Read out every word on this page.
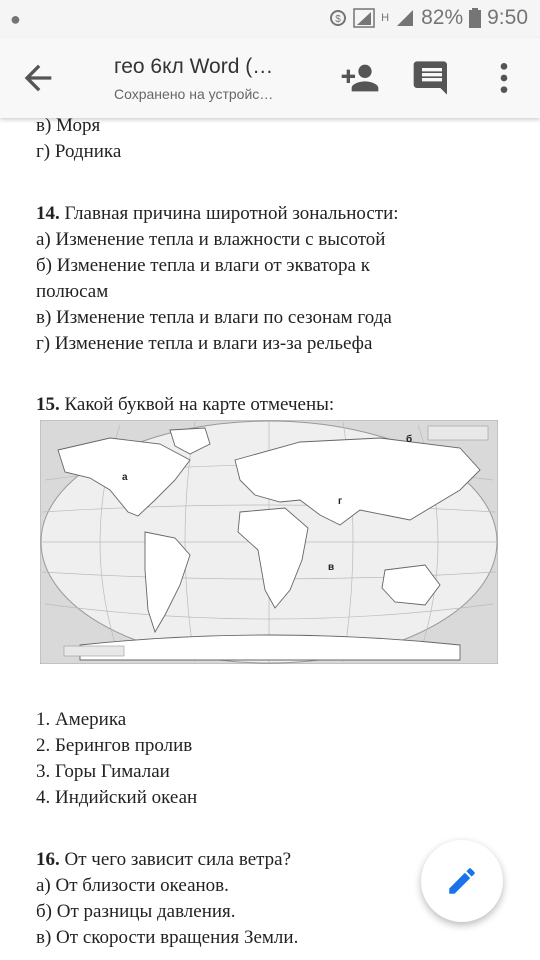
●	$	H 82% 9:50
гео 6кл Word (…
Сохранено на устройс…
в) Моря
г) Родника
14. Главная причина широтной зональности:
а) Изменение тепла и влажности с высотой
б) Изменение тепла и влаги от экватора к
полюсам
в) Изменение тепла и влаги по сезонам года
г) Изменение тепла и влаги из-за рельефа
15. Какой буквой на карте отмечены:
а
б
г
в
1. Америка
2. Берингов пролив
3. Горы Гималаи
4. Индийский океан
16. От чего зависит сила ветра?
а) От близости океанов.
б) От разницы давления.
в) От скорости вращения Земли.
